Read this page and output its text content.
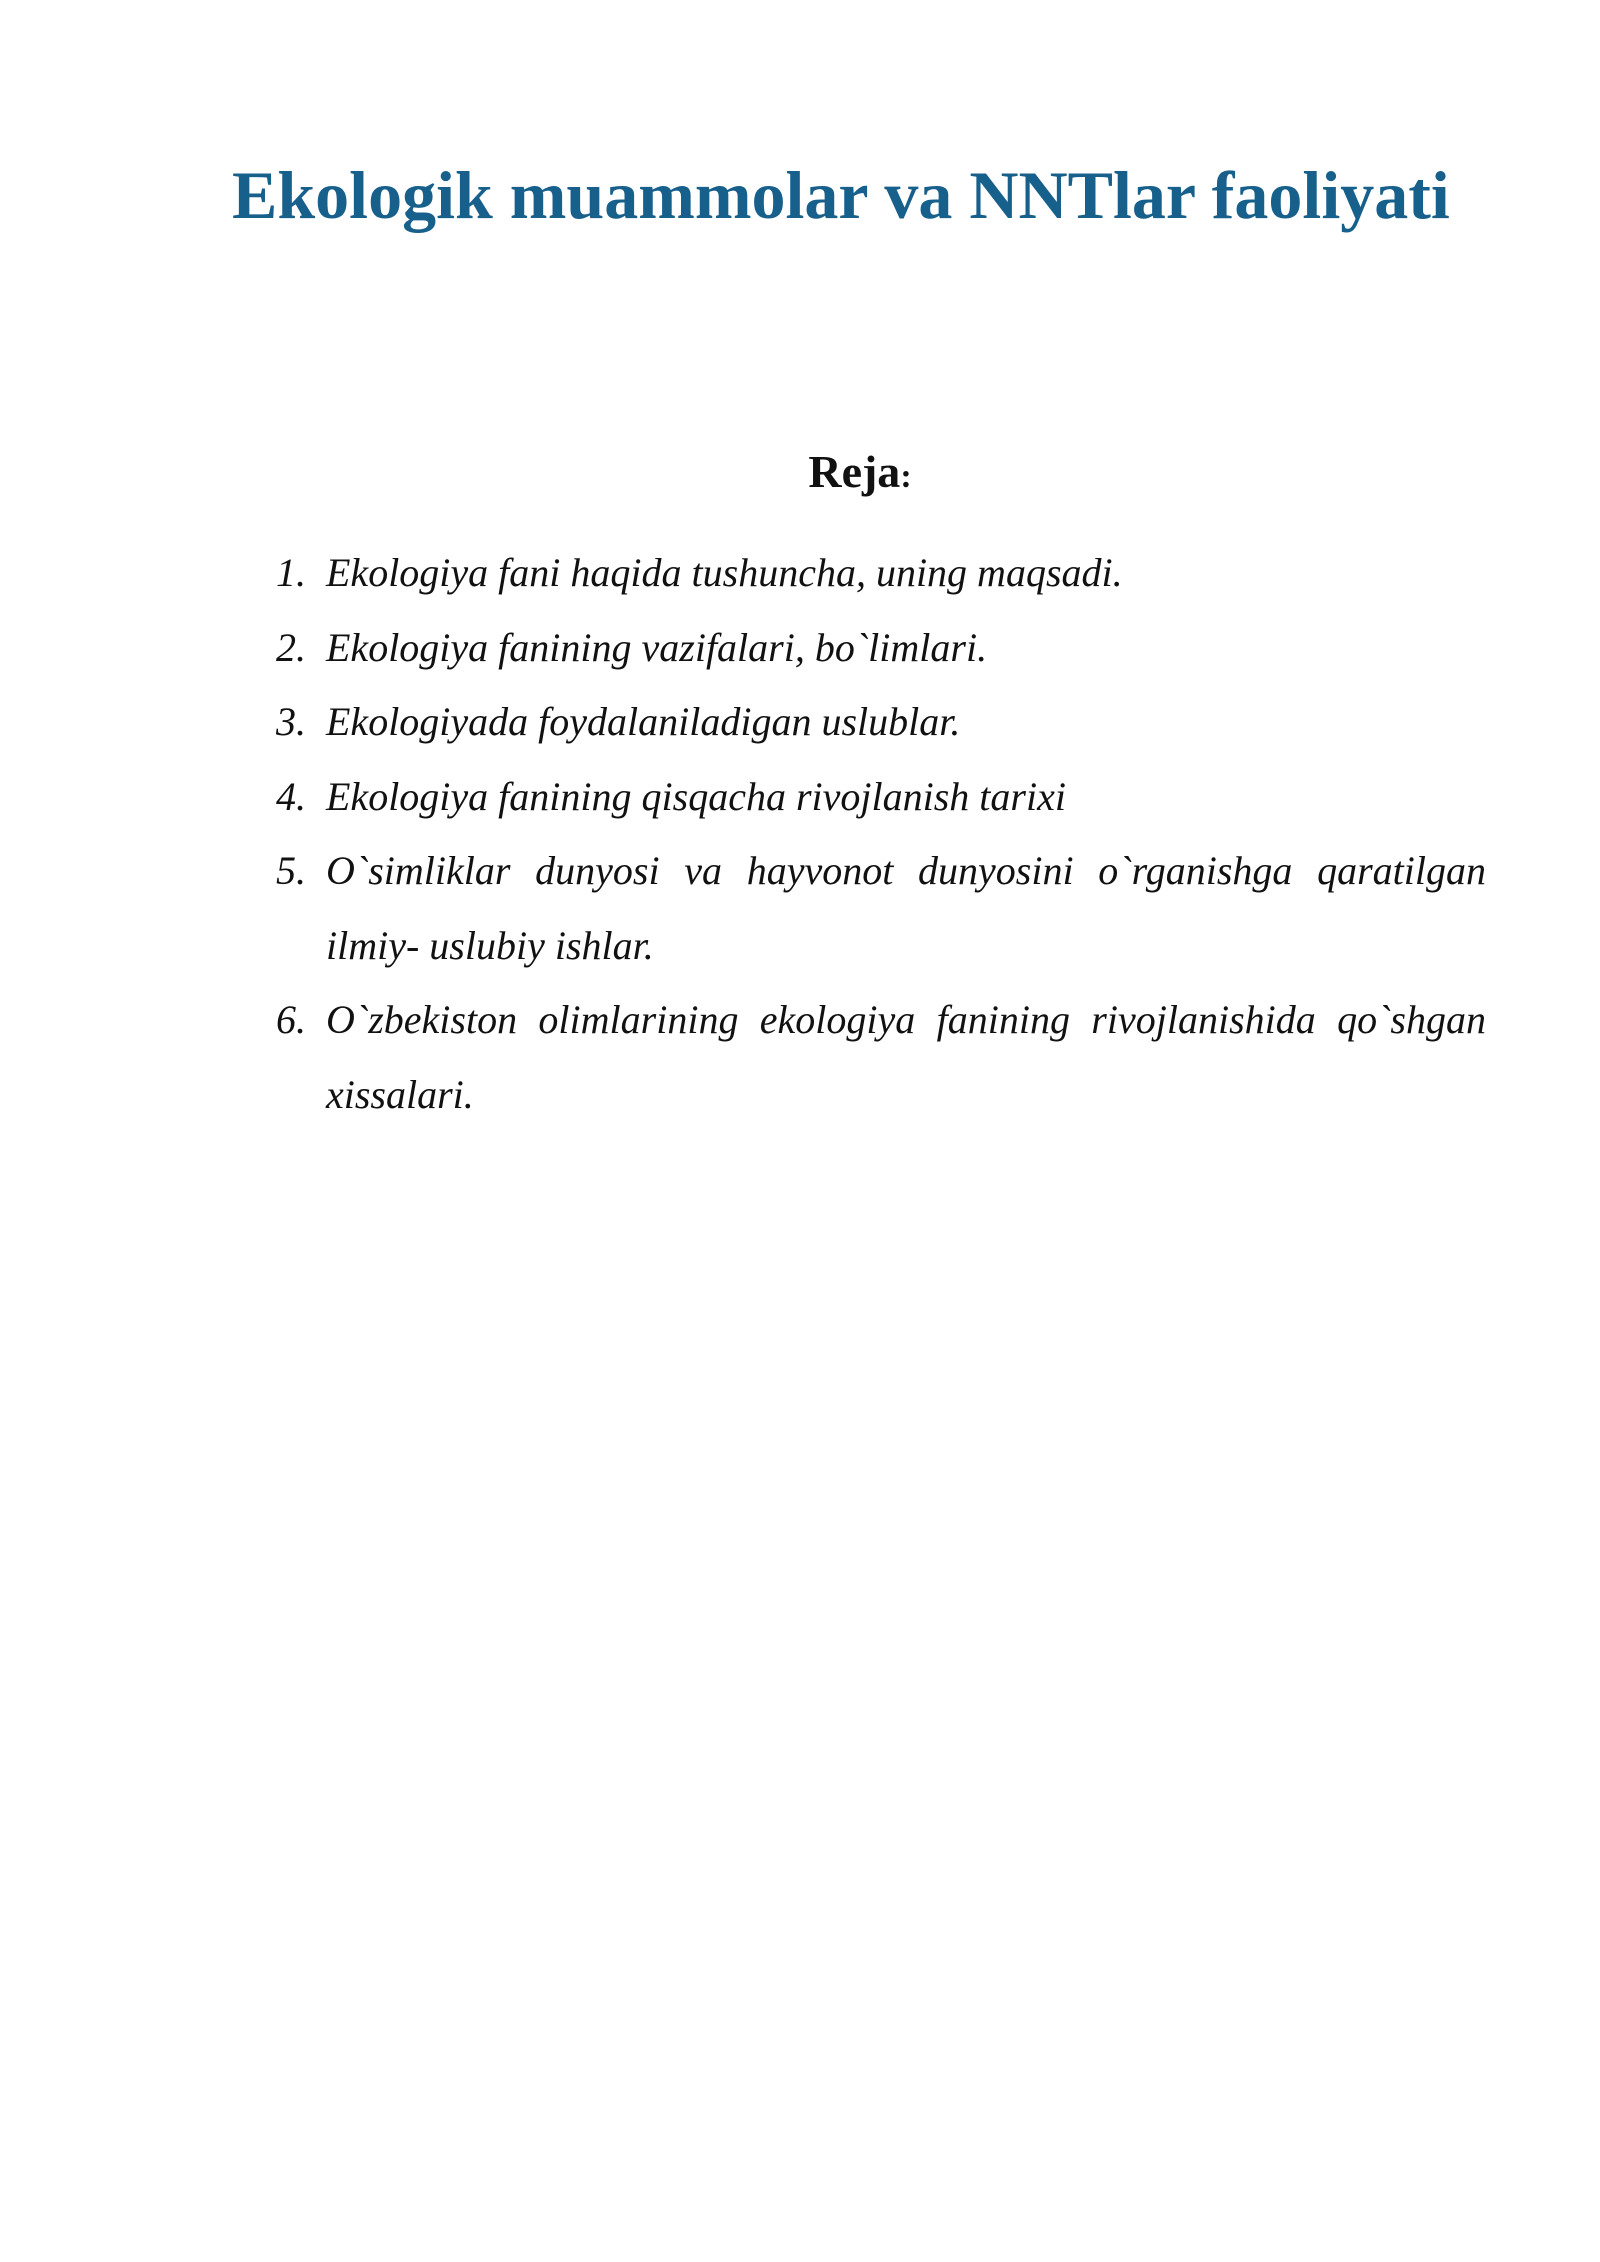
Ekologik muammolar va NNTlar faoliyati
Reja:
1. Ekologiya fani haqida tushuncha, uning maqsadi.
2. Ekologiya fanining vazifalari, bo`limlari.
3. Ekologiyada foydalaniladigan uslublar.
4. Ekologiya fanining qisqacha rivojlanish tarixi
5. O`simliklar dunyosi va hayvonot dunyosini o`rganishga qaratilgan ilmiy- uslubiy ishlar.
6. O`zbekiston olimlarining ekologiya fanining rivojlanishida qo`shgan xissalari.
